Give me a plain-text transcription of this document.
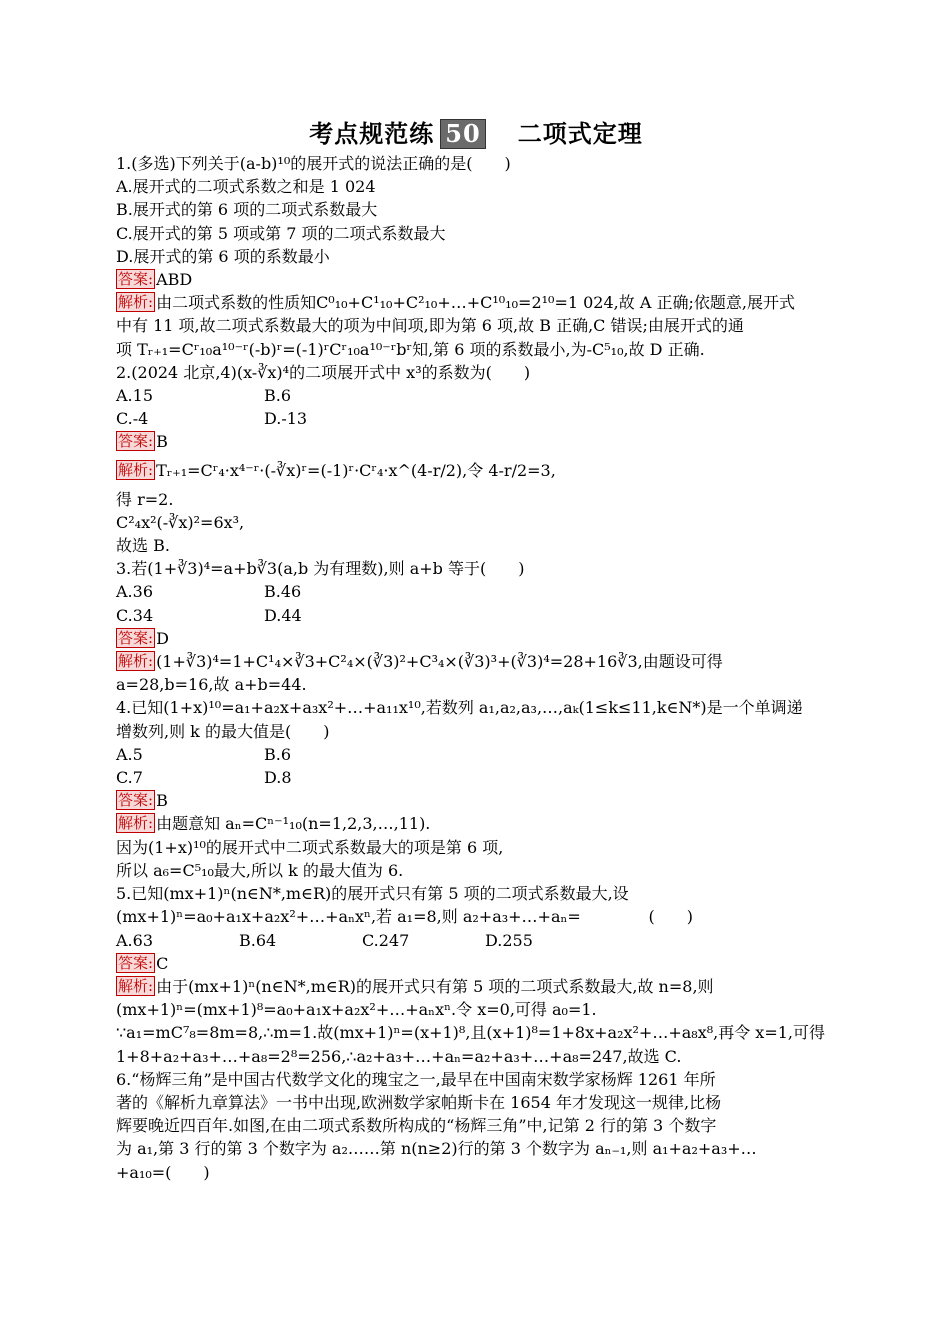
考点规范练 50 二项式定理
1.(多选)下列关于(a-b)¹⁰的展开式的说法正确的是(　　)
A.展开式的二项式系数之和是 1 024
B.展开式的第 6 项的二项式系数最大
C.展开式的第 5 项或第 7 项的二项式系数最大
D.展开式的第 6 项的系数最小
答案: ABD
解析: 由二项式系数的性质知C⁰₁₀+C¹₁₀+C²₁₀+…+C¹⁰₁₀=2¹⁰=1 024,故 A 正确;依题意,展开式
中有 11 项,故二项式系数最大的项为中间项,即为第 6 项,故 B 正确,C 错误;由展开式的通
项 Tᵣ₊₁=Cʳ₁₀a¹⁰⁻ʳ(-b)ʳ=(-1)ʳCʳ₁₀a¹⁰⁻ʳbʳ知,第 6 项的系数最小,为-C⁵₁₀,故 D 正确.
2.(2024 北京,4)(x-∛x)⁴的二项展开式中 x³的系数为(　　)
A.15	B.6
C.-4	D.-13
答案: B
解析: Tᵣ₊₁=Cʳ₄·x⁴⁻ʳ·(-∛x)ʳ=(-1)ʳ·Cʳ₄·x^(4-r/2),令 4-r/2=3,
得 r=2.
C²₄x²(-∛x)²=6x³,
故选 B.
3.若(1+∛3)⁴=a+b∛3(a,b 为有理数),则 a+b 等于(　　)
A.36	B.46
C.34	D.44
答案: D
解析: (1+∛3)⁴=1+C¹₄×∛3+C²₄×(∛3)²+C³₄×(∛3)³+(∛3)⁴=28+16∛3,由题设可得
a=28,b=16,故 a+b=44.
4.已知(1+x)¹⁰=a₁+a₂x+a₃x²+…+a₁₁x¹⁰,若数列 a₁,a₂,a₃,…,aₖ(1≤k≤11,k∈N*)是一个单调递
增数列,则 k 的最大值是(　　)
A.5	B.6
C.7	D.8
答案: B
解析: 由题意知 aₙ=Cⁿ⁻¹₁₀(n=1,2,3,…,11).
因为(1+x)¹⁰的展开式中二项式系数最大的项是第 6 项,
所以 a₆=C⁵₁₀最大,所以 k 的最大值为 6.
5.已知(mx+1)ⁿ(n∈N*,m∈R)的展开式只有第 5 项的二项式系数最大,设
(mx+1)ⁿ=a₀+a₁x+a₂x²+…+aₙxⁿ,若 a₁=8,则 a₂+a₃+…+aₙ=	(　　)
A.63	B.64	C.247	D.255
答案: C
解析: 由于(mx+1)ⁿ(n∈N*,m∈R)的展开式只有第 5 项的二项式系数最大,故 n=8,则
(mx+1)ⁿ=(mx+1)⁸=a₀+a₁x+a₂x²+…+aₙxⁿ.令 x=0,可得 a₀=1.
∵a₁=mC⁷₈=8m=8,∴m=1.故(mx+1)ⁿ=(x+1)⁸,且(x+1)⁸=1+8x+a₂x²+…+a₈x⁸,再令 x=1,可得
1+8+a₂+a₃+…+a₈=2⁸=256,∴a₂+a₃+…+aₙ=a₂+a₃+…+a₈=247,故选 C.
6.“杨辉三角”是中国古代数学文化的瑰宝之一,最早在中国南宋数学家杨辉 1261 年所
著的《解析九章算法》一书中出现,欧洲数学家帕斯卡在 1654 年才发现这一规律,比杨
辉要晚近四百年.如图,在由二项式系数所构成的“杨辉三角”中,记第 2 行的第 3 个数字
为 a₁,第 3 行的第 3 个数字为 a₂……第 n(n≥2)行的第 3 个数字为 aₙ₋₁,则 a₁+a₂+a₃+…
+a₁₀=(　　)
